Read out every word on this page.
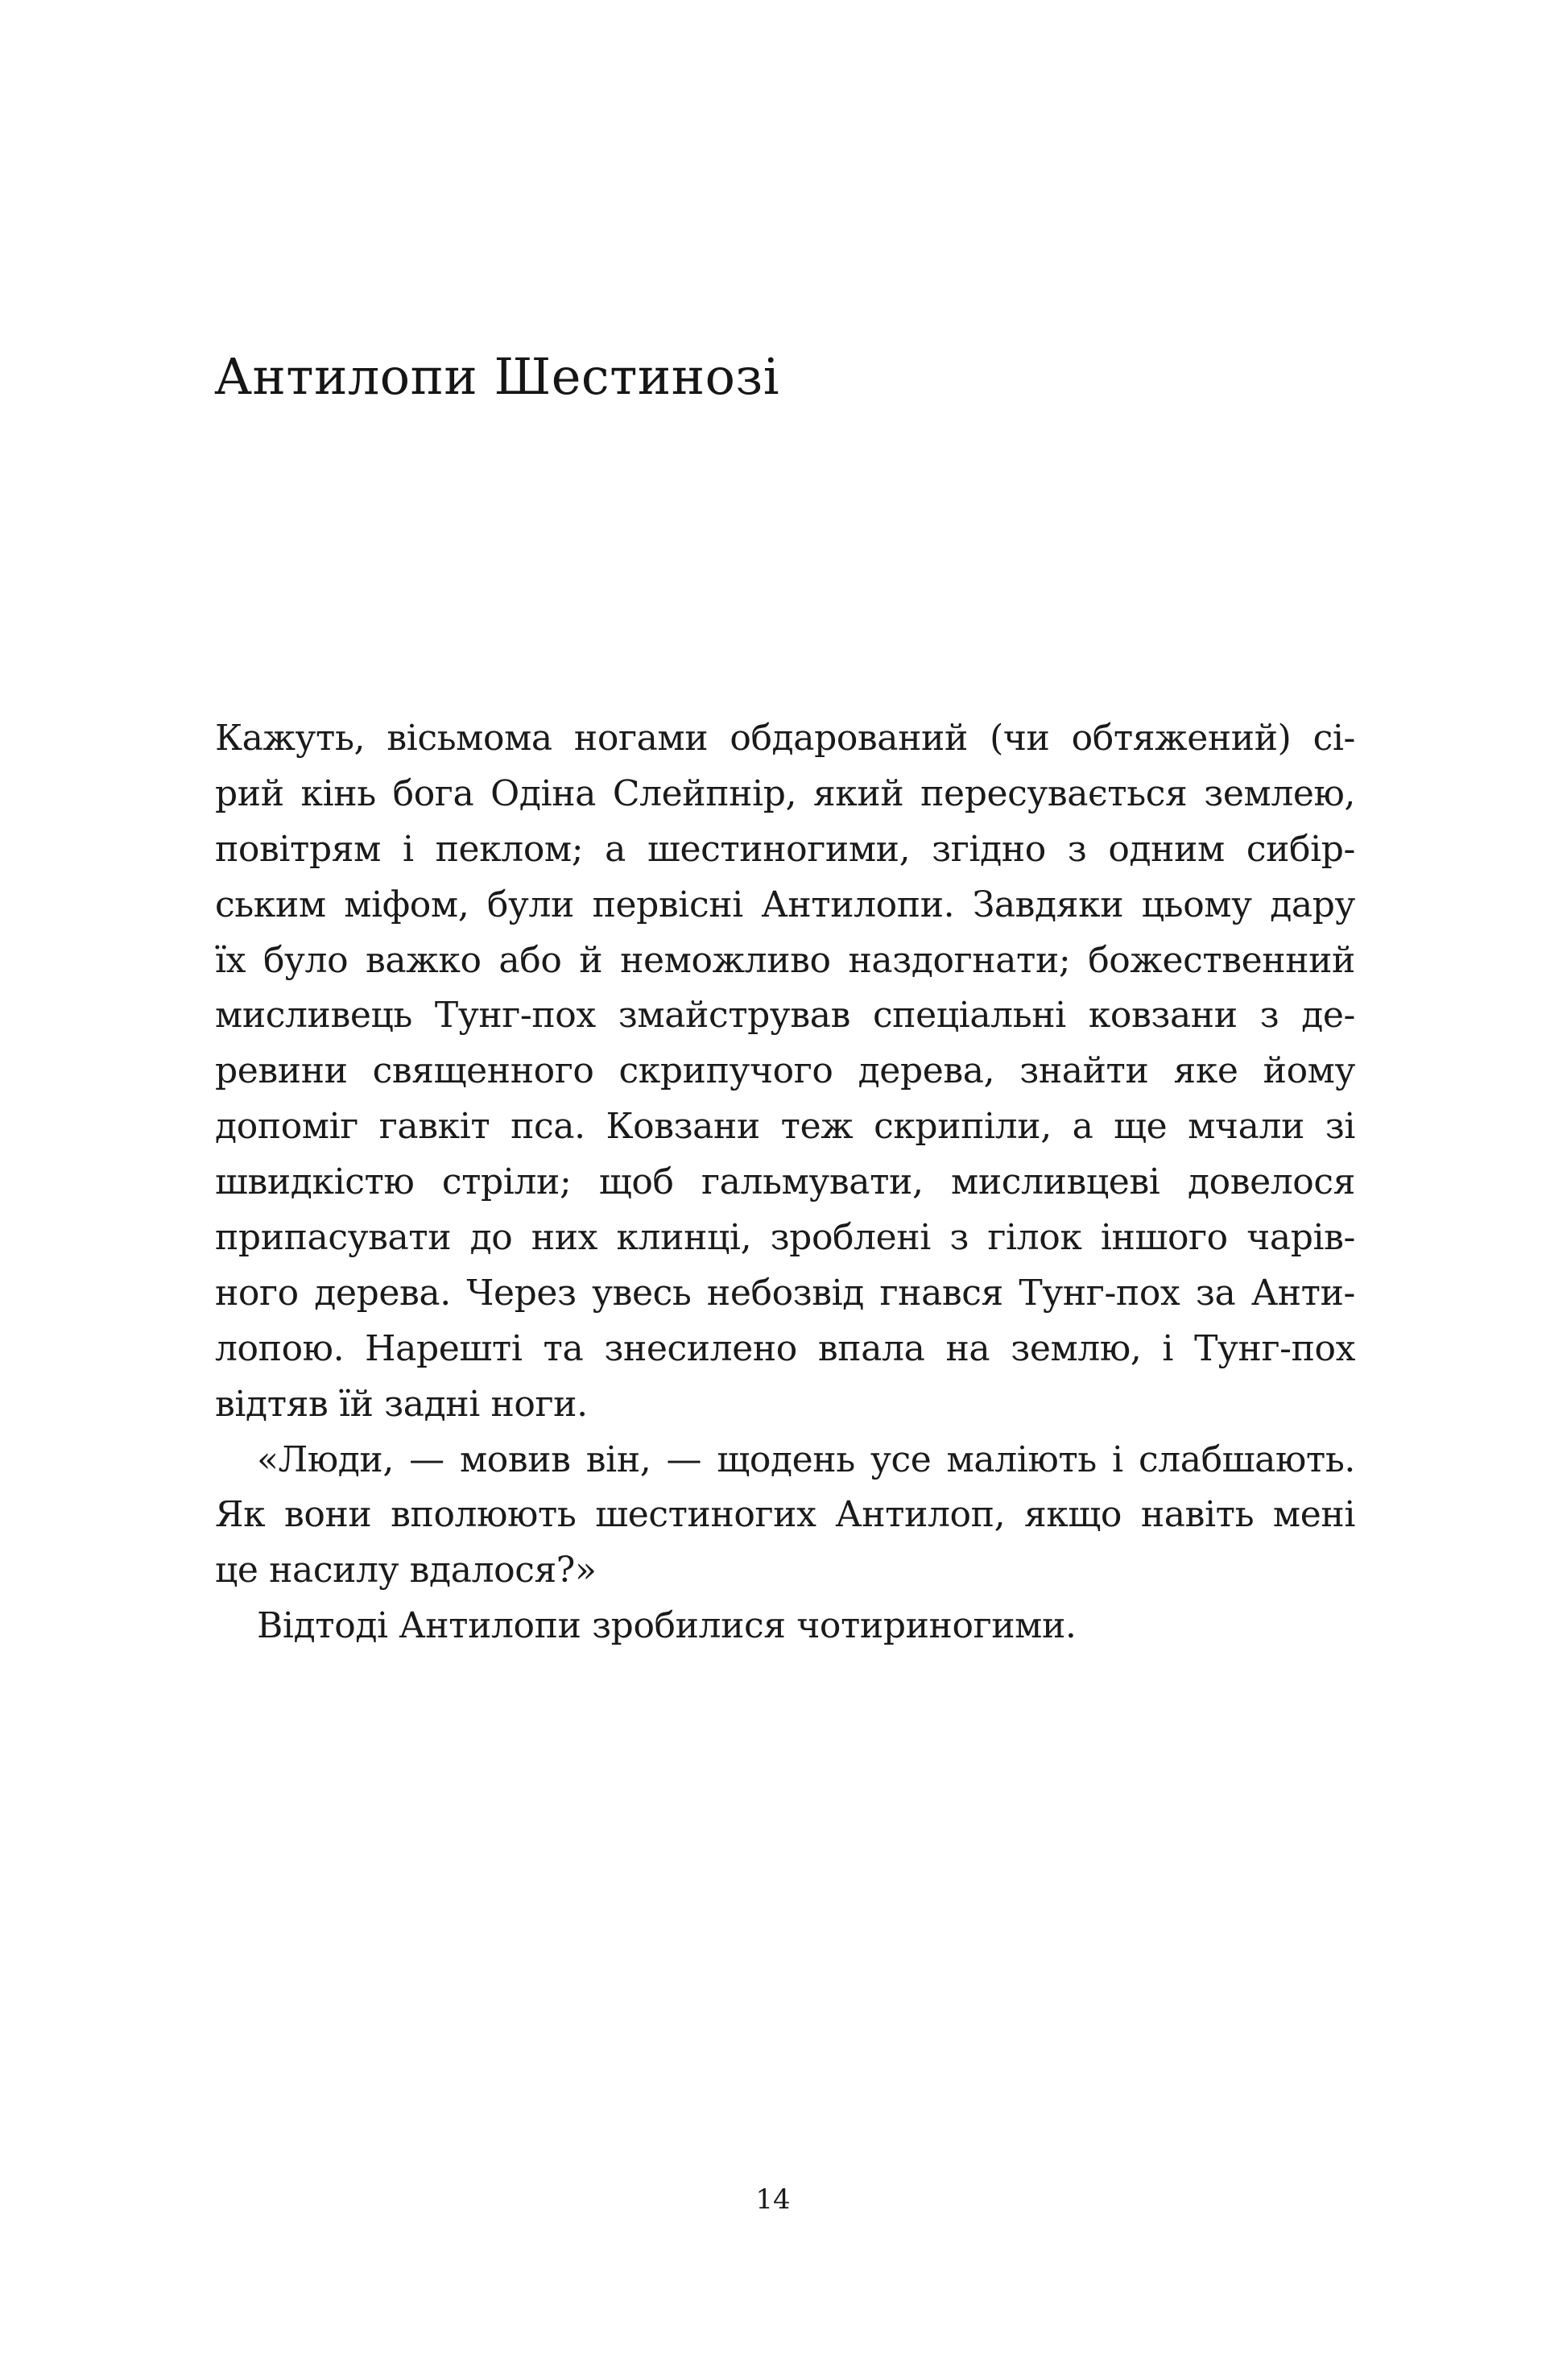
Антилопи Шестинозі
Кажуть, вісьмома ногами обдарований (чи обтяжений) сі-
рий кінь бога Одіна Слейпнір, який пересувається землею,
повітрям і пеклом; а шестиногими, згідно з одним сибір-
ським міфом, були первісні Антилопи. Завдяки цьому дару
їх було важко або й неможливо наздогнати; божественний
мисливець Тунг-пох змайстрував спеціальні ковзани з де-
ревини священного скрипучого дерева, знайти яке йому
допоміг гавкіт пса. Ковзани теж скрипіли, а ще мчали зі
швидкістю стріли; щоб гальмувати, мисливцеві довелося
припасувати до них клинці, зроблені з гілок іншого чарів-
ного дерева. Через увесь небозвід гнався Тунг-пох за Анти-
лопою. Нарешті та знесилено впала на землю, і Тунг-пох
відтяв їй задні ноги.
«Люди, — мовив він, — щодень усе маліють і слабшають.
Як вони вполюють шестиногих Антилоп, якщо навіть мені
це насилу вдалося?»
Відтоді Антилопи зробилися чотириногими.
14
